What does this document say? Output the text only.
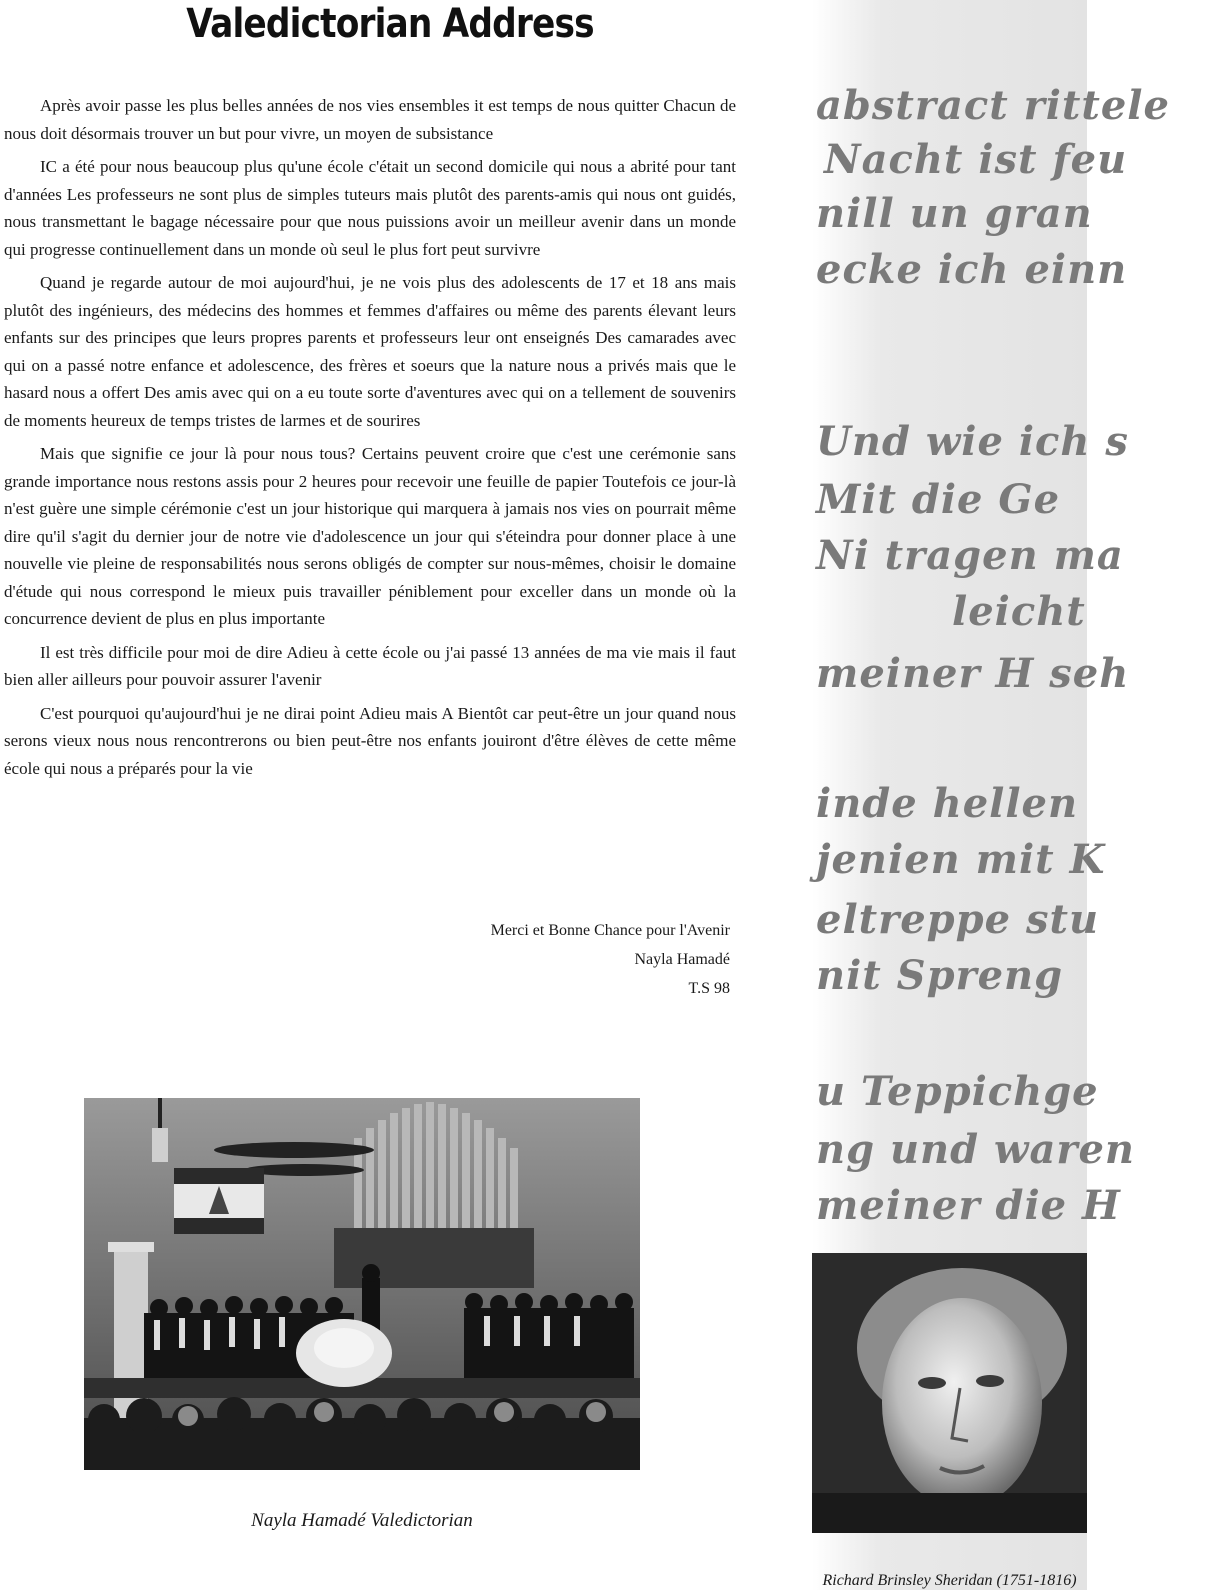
Valedictorian Address

Après avoir passe les plus belles années de nos vies ensembles it est temps de nous quitter Chacun de nous doit désormais trouver un but pour vivre, un moyen de subsistance

IC a été pour nous beaucoup plus qu'une école c'était un second domicile qui nous a abrité pour tant d'années Les professeurs ne sont plus de simples tuteurs mais plutôt des parents-amis qui nous ont guidés, nous transmettant le bagage nécessaire pour que nous puissions avoir un meilleur avenir dans un monde qui progresse continuellement dans un monde où seul le plus fort peut survivre

Quand je regarde autour de moi aujourd'hui, je ne vois plus des adolescents de 17 et 18 ans mais plutôt des ingénieurs, des médecins des hommes et femmes d'affaires ou même des parents élevant leurs enfants sur des principes que leurs propres parents et professeurs leur ont enseignés Des camarades avec qui on a passé notre enfance et adolescence, des frères et soeurs que la nature nous a privés mais que le hasard nous a offert Des amis avec qui on a eu toute sorte d'aventures avec qui on a tellement de souvenirs de moments heureux de temps tristes de larmes et de sourires

Mais que signifie ce jour là pour nous tous? Certains peuvent croire que c'est une cerémonie sans grande importance nous restons assis pour 2 heures pour recevoir une feuille de papier Toutefois ce jour-là n'est guère une simple cérémonie c'est un jour historique qui marquera à jamais nos vies on pourrait même dire qu'il s'agit du dernier jour de notre vie d'adolescence un jour qui s'éteindra pour donner place à une nouvelle vie pleine de responsabilités nous serons obligés de compter sur nous-mêmes, choisir le domaine d'étude qui nous correspond le mieux puis travailler péniblement pour exceller dans un monde où la concurrence devient de plus en plus importante

Il est très difficile pour moi de dire Adieu à cette école ou j'ai passé 13 années de ma vie mais il faut bien aller ailleurs pour pouvoir assurer l'avenir

C'est pourquoi qu'aujourd'hui je ne dirai point Adieu mais A Bientôt car peut-être un jour quand nous serons vieux nous nous rencontrerons ou bien peut-être nos enfants jouiront d'être élèves de cette même école qui nous a préparés pour la vie

Merci et Bonne Chance pour l'Avenir
Nayla Hamadé
T.S 98
Nayla Hamadé Valedictorian
abstract rittele
Nacht ist feu
nill un gran
ecke ich einn
Und wie ich s
Mit die Ge
Ni tragen ma
leicht
meiner H seh
inde hellen
jenien mit K
eltreppe stu
nit Spreng
u Teppichge
ng und waren
meiner die H
Richard Brinsley Sheridan (1751-1816)
